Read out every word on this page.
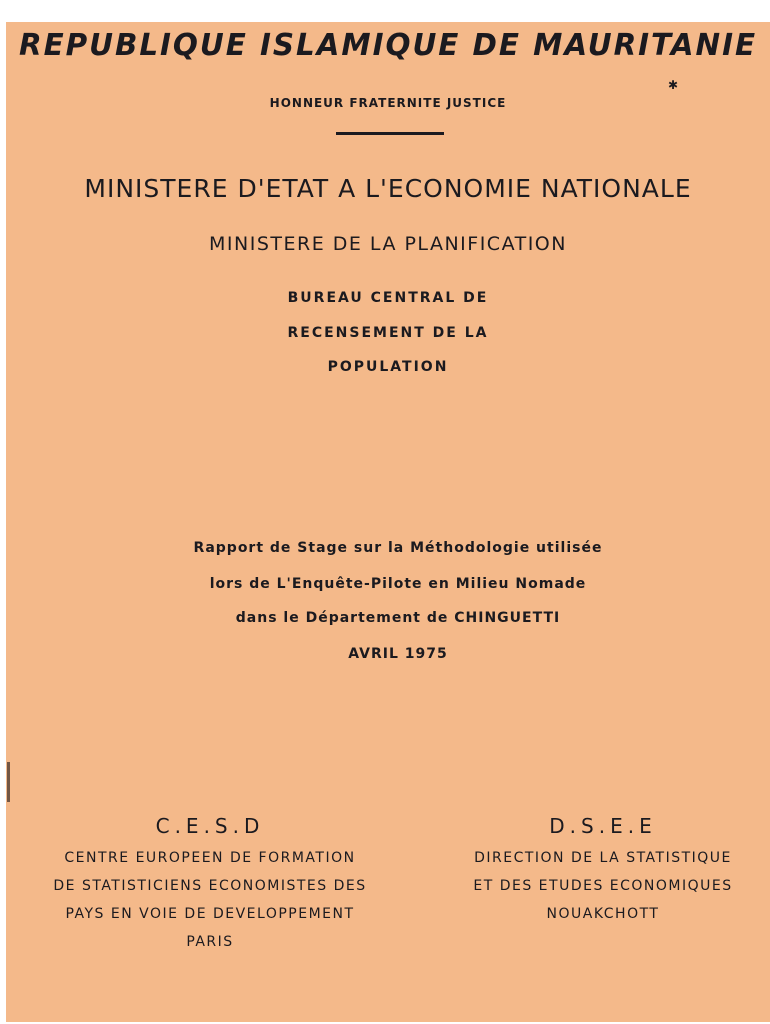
REPUBLIQUE ISLAMIQUE DE MAURITANIE
✱
HONNEUR FRATERNITE JUSTICE
MINISTERE D'ETAT A L'ECONOMIE NATIONALE
MINISTERE DE LA PLANIFICATION
BUREAU CENTRAL DE
RECENSEMENT DE LA
POPULATION
Rapport de Stage sur la Méthodologie utilisée
lors de L'Enquête-Pilote en Milieu Nomade
dans le Département de CHINGUETTI
AVRIL 1975
C.E.S.D
CENTRE EUROPEEN DE FORMATION
DE STATISTICIENS ECONOMISTES DES
PAYS EN VOIE DE DEVELOPPEMENT
PARIS
D.S.E.E
DIRECTION DE LA STATISTIQUE
ET DES ETUDES ECONOMIQUES
NOUAKCHOTT
